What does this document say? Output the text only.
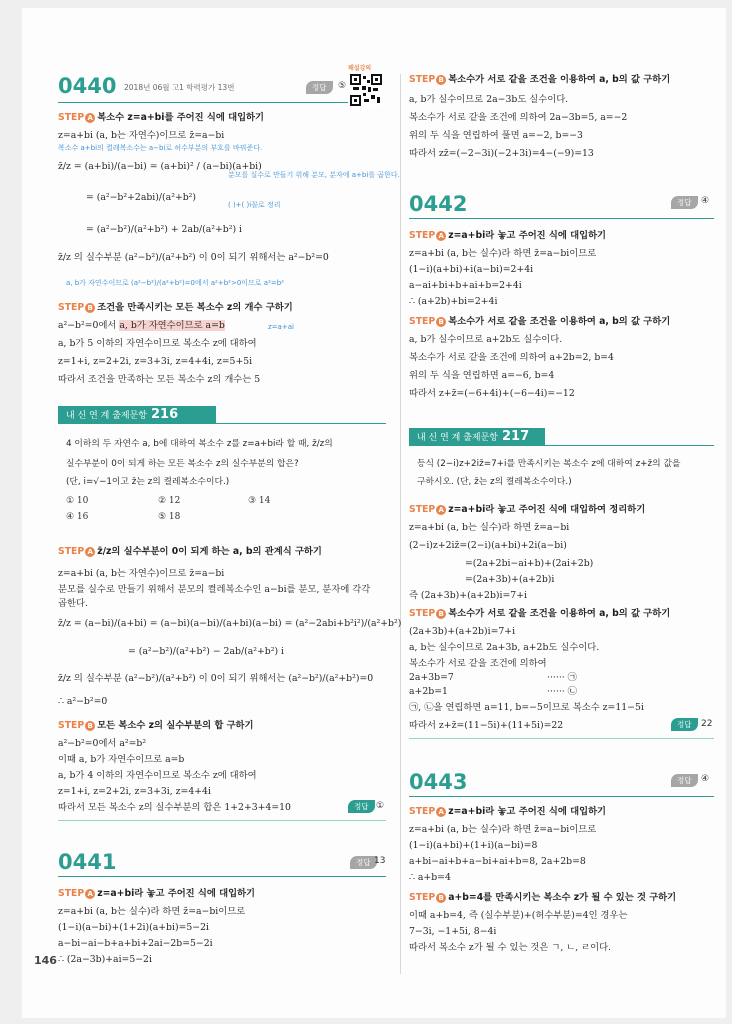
해설강의
0440 2018년 06월 고1 학력평가 13번	정답	⑤
STEP A 복소수 z=a+bi를 주어진 식에 대입하기
z=a+bi (a, b는 자연수)이므로 z̄=a−bi
복소수 a+bi의 켤레복소수는 a−bi로 허수부분의 부호를 바꿔준다.
z̄/z = (a+bi)/(a−bi) = (a+bi)² / (a−bi)(a+bi)
분모를 실수로 만들기 위해 분모, 분자에 a+bi를 곱한다.
= (a²−b²+2abi)/(a²+b²)
( )+( )i꼴로 정리
= (a²−b²)/(a²+b²) + 2ab/(a²+b²) i
z̄/z 의 실수부분 (a²−b²)/(a²+b²) 이 0이 되기 위해서는 a²−b²=0
a, b가 자연수이므로 (a²−b²)/(a²+b²)=0에서 a²+b²>0이므로 a²=b²
STEP B 조건을 만족시키는 모든 복소수 z의 개수 구하기
a²−b²=0에서 a, b가 자연수이므로 a=b	z=a+ai
a, b가 5 이하의 자연수이므로 복소수 z에 대하여
z=1+i, z=2+2i, z=3+3i, z=4+4i, z=5+5i
따라서 조건을 만족하는 모든 복소수 z의 개수는 5
내 신 연 계 출제문항 216
4 이하의 두 자연수 a, b에 대하여 복소수 z를 z=a+bi라 할 때, z̄/z의
실수부분이 0이 되게 하는 모든 복소수 z의 실수부분의 합은?
(단, i=√−1이고 z̄는 z의 켤레복소수이다.)
① 10	② 12	③ 14
④ 16	⑤ 18
STEP A z̄/z의 실수부분이 0이 되게 하는 a, b의 관계식 구하기
z=a+bi (a, b는 자연수)이므로 z̄=a−bi
분모를 실수로 만들기 위해서 분모의 켤레복소수인 a−bi를 분모, 분자에 각각
곱한다.
z̄/z = (a−bi)/(a+bi) = (a−bi)(a−bi)/(a+bi)(a−bi) = (a²−2abi+b²i²)/(a²+b²)
= (a²−b²)/(a²+b²) − 2ab/(a²+b²) i
z̄/z 의 실수부분 (a²−b²)/(a²+b²) 이 0이 되기 위해서는 (a²−b²)/(a²+b²)=0
∴ a²−b²=0
STEP B 모든 복소수 z의 실수부분의 합 구하기
a²−b²=0에서 a²=b²
이때 a, b가 자연수이므로 a=b
a, b가 4 이하의 자연수이므로 복소수 z에 대하여
z=1+i, z=2+2i, z=3+3i, z=4+4i
따라서 모든 복소수 z의 실수부분의 합은 1+2+3+4=10	정답 ①
0441	정답 13
STEP A z=a+bi라 놓고 주어진 식에 대입하기
z=a+bi (a, b는 실수)라 하면 z̄=a−bi이므로
(1−i)(a−bi)+(1+2i)(a+bi)=5−2i
a−bi−ai−b+a+bi+2ai−2b=5−2i
∴ (2a−3b)+ai=5−2i
STEP B 복소수가 서로 같을 조건을 이용하여 a, b의 값 구하기
a, b가 실수이므로 2a−3b도 실수이다.
복소수가 서로 같을 조건에 의하여 2a−3b=5, a=−2
위의 두 식을 연립하여 풀면 a=−2, b=−3
따라서 zz̄=(−2−3i)(−2+3i)=4−(−9)=13
0442	정답	④
STEP A z=a+bi라 놓고 주어진 식에 대입하기
z=a+bi (a, b는 실수)라 하면 z̄=a−bi이므로
(1−i)(a+bi)+i(a−bi)=2+4i
a−ai+bi+b+ai+b=2+4i
∴ (a+2b)+bi=2+4i
STEP B 복소수가 서로 같을 조건을 이용하여 a, b의 값 구하기
a, b가 실수이므로 a+2b도 실수이다.
복소수가 서로 같을 조건에 의하여 a+2b=2, b=4
위의 두 식을 연립하면 a=−6, b=4
따라서 z+z̄=(−6+4i)+(−6−4i)=−12
내 신 연 계 출제문항 217
등식 (2−i)z+2iz̄=7+i를 만족시키는 복소수 z에 대하여 z+z̄의 값을
구하시오. (단, z̄는 z의 켤레복소수이다.)
STEP A z=a+bi라 놓고 주어진 식에 대입하여 정리하기
z=a+bi (a, b는 실수)라 하면 z̄=a−bi
(2−i)z+2iz̄=(2−i)(a+bi)+2i(a−bi)
=(2a+2bi−ai+b)+(2ai+2b)
=(2a+3b)+(a+2b)i
즉 (2a+3b)+(a+2b)i=7+i
STEP B 복소수가 서로 같을 조건을 이용하여 a, b의 값 구하기
(2a+3b)+(a+2b)i=7+i
a, b는 실수이므로 2a+3b, a+2b도 실수이다.
복소수가 서로 같을 조건에 의하여
2a+3b=7	······ ㉠
a+2b=1	······ ㉡
㉠, ㉡을 연립하면 a=11, b=−5이므로 복소수 z=11−5i
따라서 z+z̄=(11−5i)+(11+5i)=22	정답	22
0443	정답	④
STEP A z=a+bi라 놓고 주어진 식에 대입하기
z=a+bi (a, b는 실수)라 하면 z̄=a−bi이므로
(1−i)(a+bi)+(1+i)(a−bi)=8
a+bi−ai+b+a−bi+ai+b=8, 2a+2b=8
∴ a+b=4
STEP B a+b=4를 만족시키는 복소수 z가 될 수 있는 것 구하기
이때 a+b=4, 즉 (실수부분)+(허수부분)=4인 경우는
7−3i, −1+5i, 8−4i
따라서 복소수 z가 될 수 있는 것은 ㄱ, ㄴ, ㄹ이다.
146
